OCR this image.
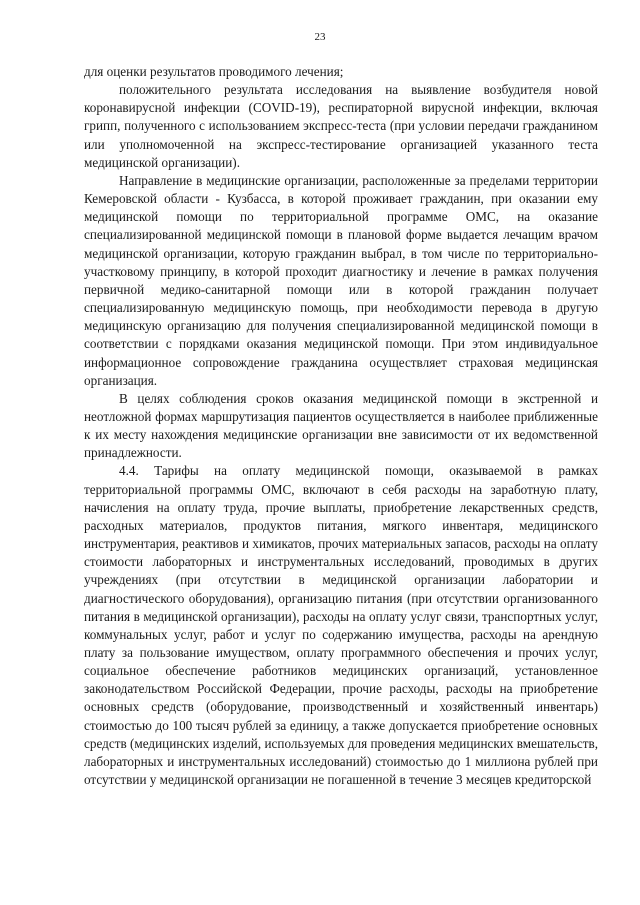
23

для оценки результатов проводимого лечения;

положительного результата исследования на выявление возбудителя новой коронавирусной инфекции (COVID-19), респираторной вирусной инфекции, включая грипп, полученного с использованием экспресс-теста (при условии передачи гражданином или уполномоченной на экспресс-тестирование организацией указанного теста медицинской организации).

Направление в медицинские организации, расположенные за пределами территории Кемеровской области - Кузбасса, в которой проживает гражданин, при оказании ему медицинской помощи по территориальной программе ОМС, на оказание специализированной медицинской помощи в плановой форме выдается лечащим врачом медицинской организации, которую гражданин выбрал, в том числе по территориально-участковому принципу, в которой проходит диагностику и лечение в рамках получения первичной медико-санитарной помощи или в которой гражданин получает специализированную медицинскую помощь, при необходимости перевода в другую медицинскую организацию для получения специализированной медицинской помощи в соответствии с порядками оказания медицинской помощи. При этом индивидуальное информационное сопровождение гражданина осуществляет страховая медицинская организация.

В целях соблюдения сроков оказания медицинской помощи в экстренной и неотложной формах маршрутизация пациентов осуществляется в наиболее приближенные к их месту нахождения медицинские организации вне зависимости от их ведомственной принадлежности.

4.4. Тарифы на оплату медицинской помощи, оказываемой в рамках территориальной программы ОМС, включают в себя расходы на заработную плату, начисления на оплату труда, прочие выплаты, приобретение лекарственных средств, расходных материалов, продуктов питания, мягкого инвентаря, медицинского инструментария, реактивов и химикатов, прочих материальных запасов, расходы на оплату стоимости лабораторных и инструментальных исследований, проводимых в других учреждениях (при отсутствии в медицинской организации лаборатории и диагностического оборудования), организацию питания (при отсутствии организованного питания в медицинской организации), расходы на оплату услуг связи, транспортных услуг, коммунальных услуг, работ и услуг по содержанию имущества, расходы на арендную плату за пользование имуществом, оплату программного обеспечения и прочих услуг, социальное обеспечение работников медицинских организаций, установленное законодательством Российской Федерации, прочие расходы, расходы на приобретение основных средств (оборудование, производственный и хозяйственный инвентарь) стоимостью до 100 тысяч рублей за единицу, а также допускается приобретение основных средств (медицинских изделий, используемых для проведения медицинских вмешательств, лабораторных и инструментальных исследований) стоимостью до 1 миллиона рублей при отсутствии у медицинской организации не погашенной в течение 3 месяцев кредиторской
